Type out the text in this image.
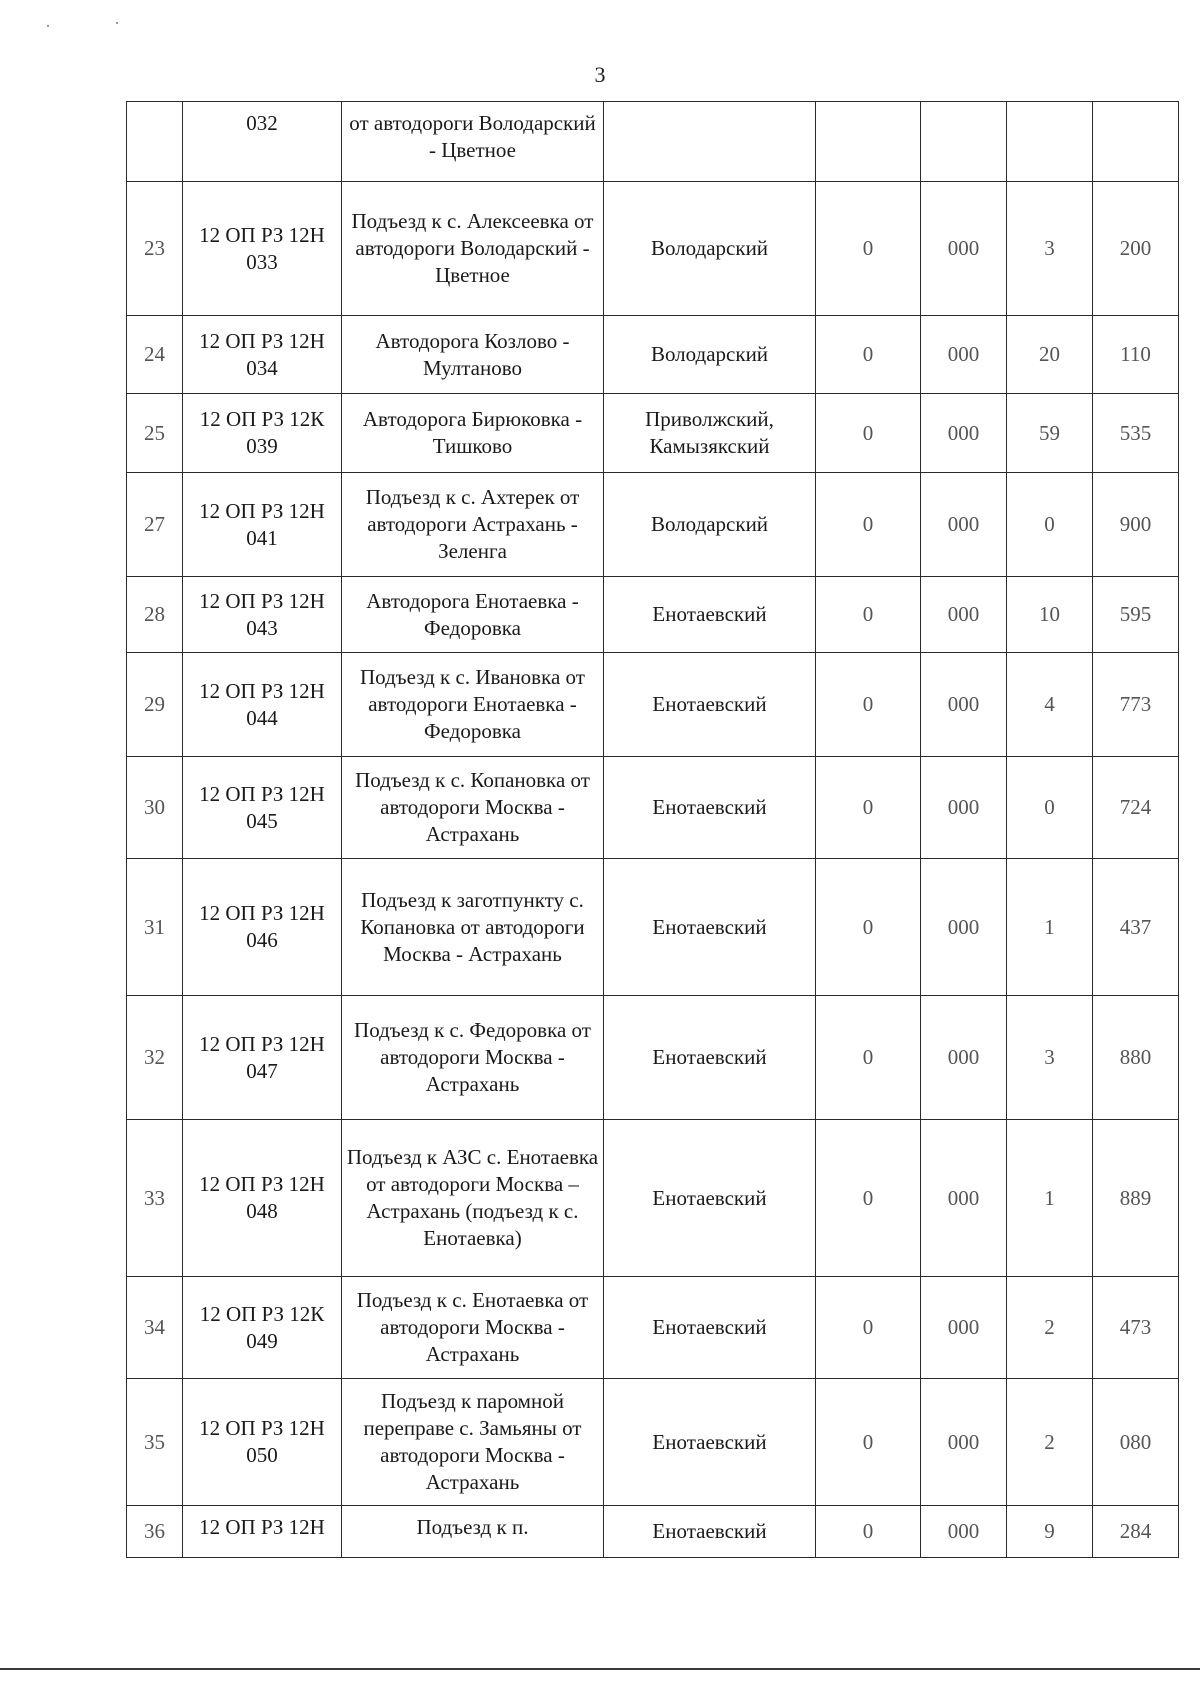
3
	032	от автодороги Володарский - Цветное					
23	12 ОП РЗ 12Н 033	Подъезд к с. Алексеевка от автодороги Володарский - Цветное	Володарский	0	000	3	200
24	12 ОП РЗ 12Н 034	Автодорога Козлово - Мултаново	Володарский	0	000	20	110
25	12 ОП РЗ 12К 039	Автодорога Бирюковка - Тишково	Приволжский, Камызякский	0	000	59	535
27	12 ОП РЗ 12Н 041	Подъезд к с. Ахтерек от автодороги Астрахань - Зеленга	Володарский	0	000	0	900
28	12 ОП РЗ 12Н 043	Автодорога Енотаевка - Федоровка	Енотаевский	0	000	10	595
29	12 ОП РЗ 12Н 044	Подъезд к с. Ивановка от автодороги Енотаевка - Федоровка	Енотаевский	0	000	4	773
30	12 ОП РЗ 12Н 045	Подъезд к с. Копановка от автодороги Москва - Астрахань	Енотаевский	0	000	0	724
31	12 ОП РЗ 12Н 046	Подъезд к заготпункту с. Копановка от автодороги Москва - Астрахань	Енотаевский	0	000	1	437
32	12 ОП РЗ 12Н 047	Подъезд к с. Федоровка от автодороги Москва - Астрахань	Енотаевский	0	000	3	880
33	12 ОП РЗ 12Н 048	Подъезд к АЗС с. Енотаевка от автодороги Москва – Астрахань (подъезд к с. Енотаевка)	Енотаевский	0	000	1	889
34	12 ОП РЗ 12К 049	Подъезд к с. Енотаевка от автодороги Москва - Астрахань	Енотаевский	0	000	2	473
35	12 ОП РЗ 12Н 050	Подъезд к паромной переправе с. Замьяны от автодороги Москва - Астрахань	Енотаевский	0	000	2	080
36	12 ОП РЗ 12Н	Подъезд к п.	Енотаевский	0	000	9	284
